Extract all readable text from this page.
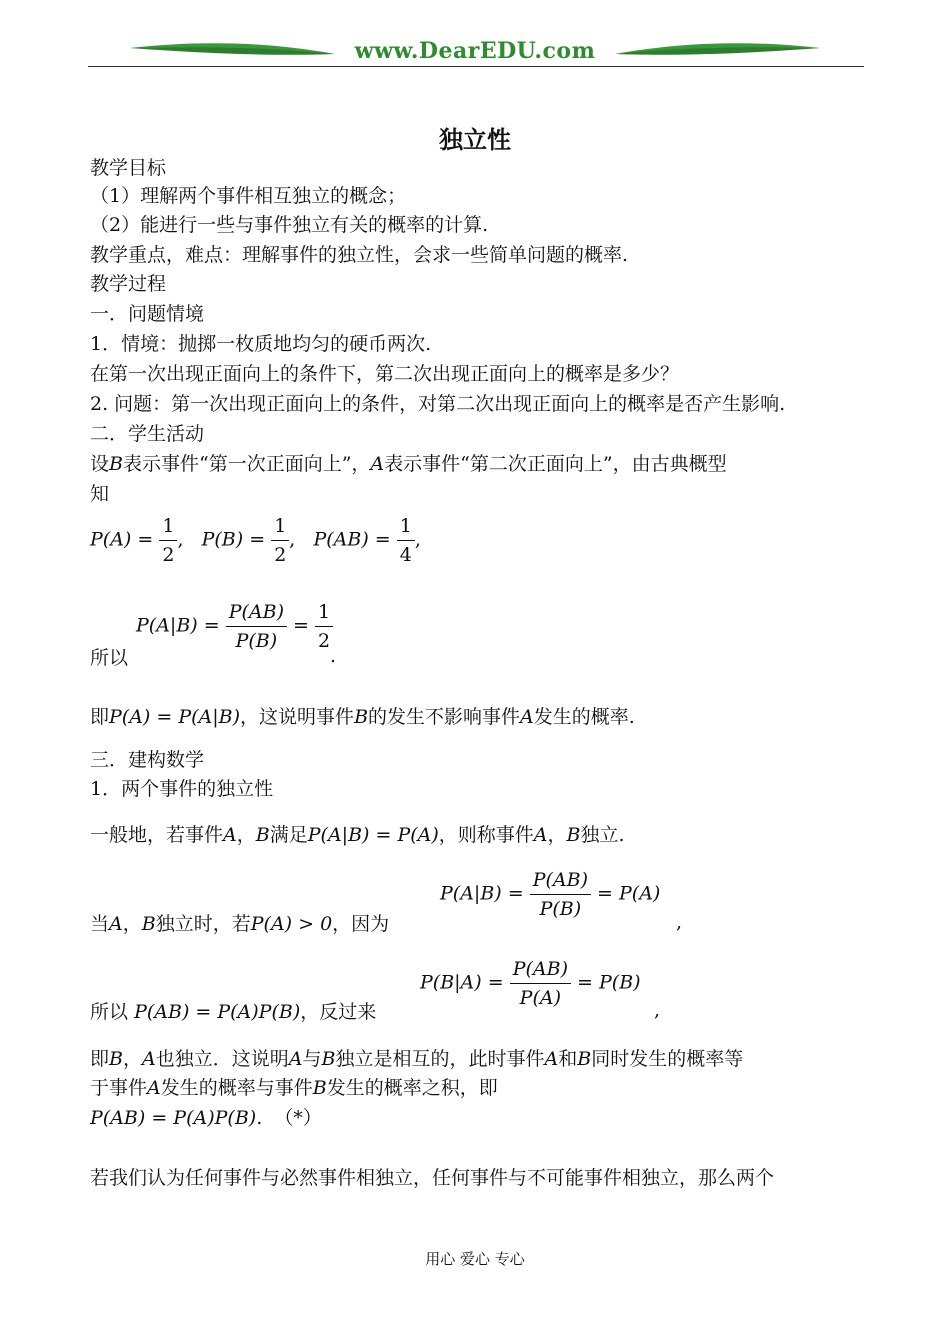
www.DearEDU.com
独立性
教学目标
（1）理解两个事件相互独立的概念；
（2）能进行一些与事件独立有关的概率的计算.
教学重点，难点：理解事件的独立性，会求一些简单问题的概率.
教学过程
一．问题情境
1．情境：抛掷一枚质地均匀的硬币两次.
在第一次出现正面向上的条件下，第二次出现正面向上的概率是多少？
2. 问题：第一次出现正面向上的条件，对第二次出现正面向上的概率是否产生影响.
二．学生活动
设B表示事件“第一次正面向上”，A表示事件“第二次正面向上”，由古典概型
知
$P(A) = \frac{1}{2}$ , $P(B) = \frac{1}{2}$ , $P(AB) = \frac{1}{4}$ ,
$P(A|B) = \frac{P(AB)}{P(B)} = \frac{1}{2}$
所以	.
即P(A) = P(A|B)，这说明事件B的发生不影响事件A发生的概率.
三．建构数学
1．两个事件的独立性
一般地，若事件A，B满足P(A|B) = P(A)，则称事件A，B独立.
当A，B独立时，若P(A) > 0，因为
$P(A|B) = \frac{P(AB)}{P(B)} = P(A)$
,
所以 P(AB) = P(A)P(B)，反过来
$P(B|A) = \frac{P(AB)}{P(A)} = P(B)$
,
即B，A也独立．这说明A与B独立是相互的，此时事件A和B同时发生的概率等
于事件A发生的概率与事件B发生的概率之积，即
P(AB) = P(A)P(B). （*）
若我们认为任何事件与必然事件相独立，任何事件与不可能事件相独立，那么两个
用心 爱心 专心
